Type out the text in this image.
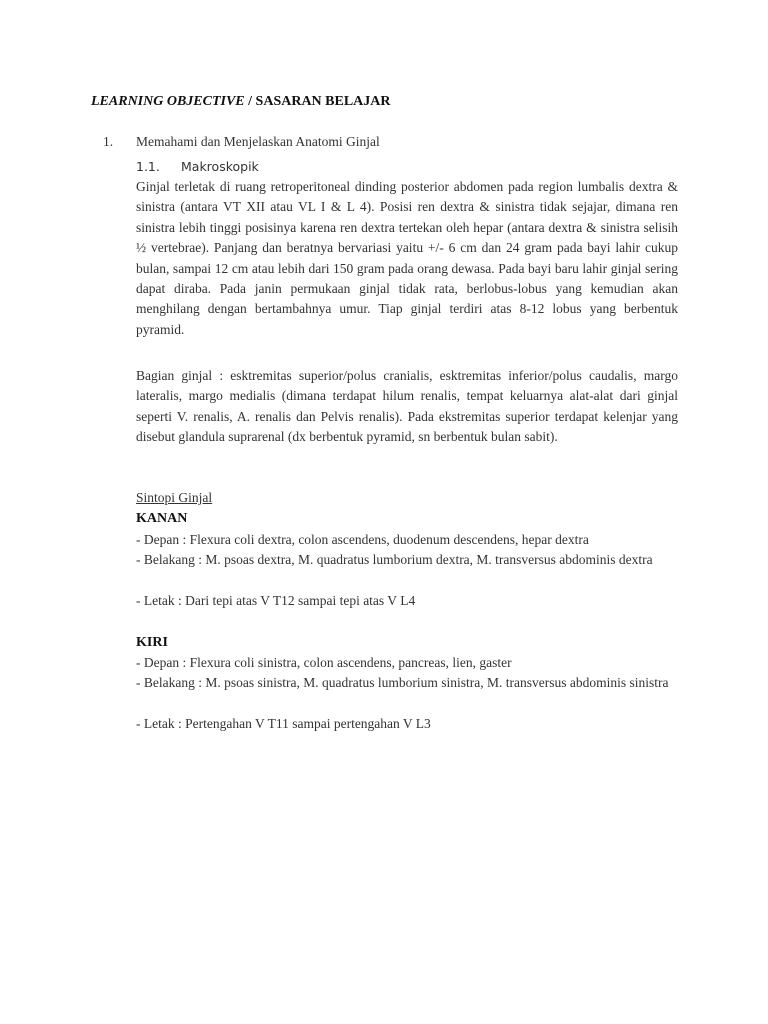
LEARNING OBJECTIVE / SASARAN BELAJAR
1. Memahami dan Menjelaskan Anatomi Ginjal
1.1. Makroskopik

Ginjal terletak di ruang retroperitoneal dinding posterior abdomen pada region lumbalis dextra & sinistra (antara VT XII atau VL I & L 4). Posisi ren dextra & sinistra tidak sejajar, dimana ren sinistra lebih tinggi posisinya karena ren dextra tertekan oleh hepar (antara dextra & sinistra selisih ½ vertebrae). Panjang dan beratnya bervariasi yaitu +/- 6 cm dan 24 gram pada bayi lahir cukup bulan, sampai 12 cm atau lebih dari 150 gram pada orang dewasa. Pada bayi baru lahir ginjal sering dapat diraba. Pada janin permukaan ginjal tidak rata, berlobus-lobus yang kemudian akan menghilang dengan bertambahnya umur. Tiap ginjal terdiri atas 8-12 lobus yang berbentuk pyramid.

Bagian ginjal : esktremitas superior/polus cranialis, esktremitas inferior/polus caudalis, margo lateralis, margo medialis (dimana terdapat hilum renalis, tempat keluarnya alat-alat dari ginjal seperti V. renalis, A. renalis dan Pelvis renalis). Pada ekstremitas superior terdapat kelenjar yang disebut glandula suprarenal (dx berbentuk pyramid, sn berbentuk bulan sabit).

Sintopi Ginjal
KANAN
- Depan : Flexura coli dextra, colon ascendens, duodenum descendens, hepar dextra
- Belakang : M. psoas dextra, M. quadratus lumborium dextra, M. transversus abdominis dextra
- Letak : Dari tepi atas V T12 sampai tepi atas V L4
KIRI
- Depan : Flexura coli sinistra, colon ascendens, pancreas, lien, gaster
- Belakang : M. psoas sinistra, M. quadratus lumborium sinistra, M. transversus abdominis sinistra
- Letak : Pertengahan V T11 sampai pertengahan V L3
